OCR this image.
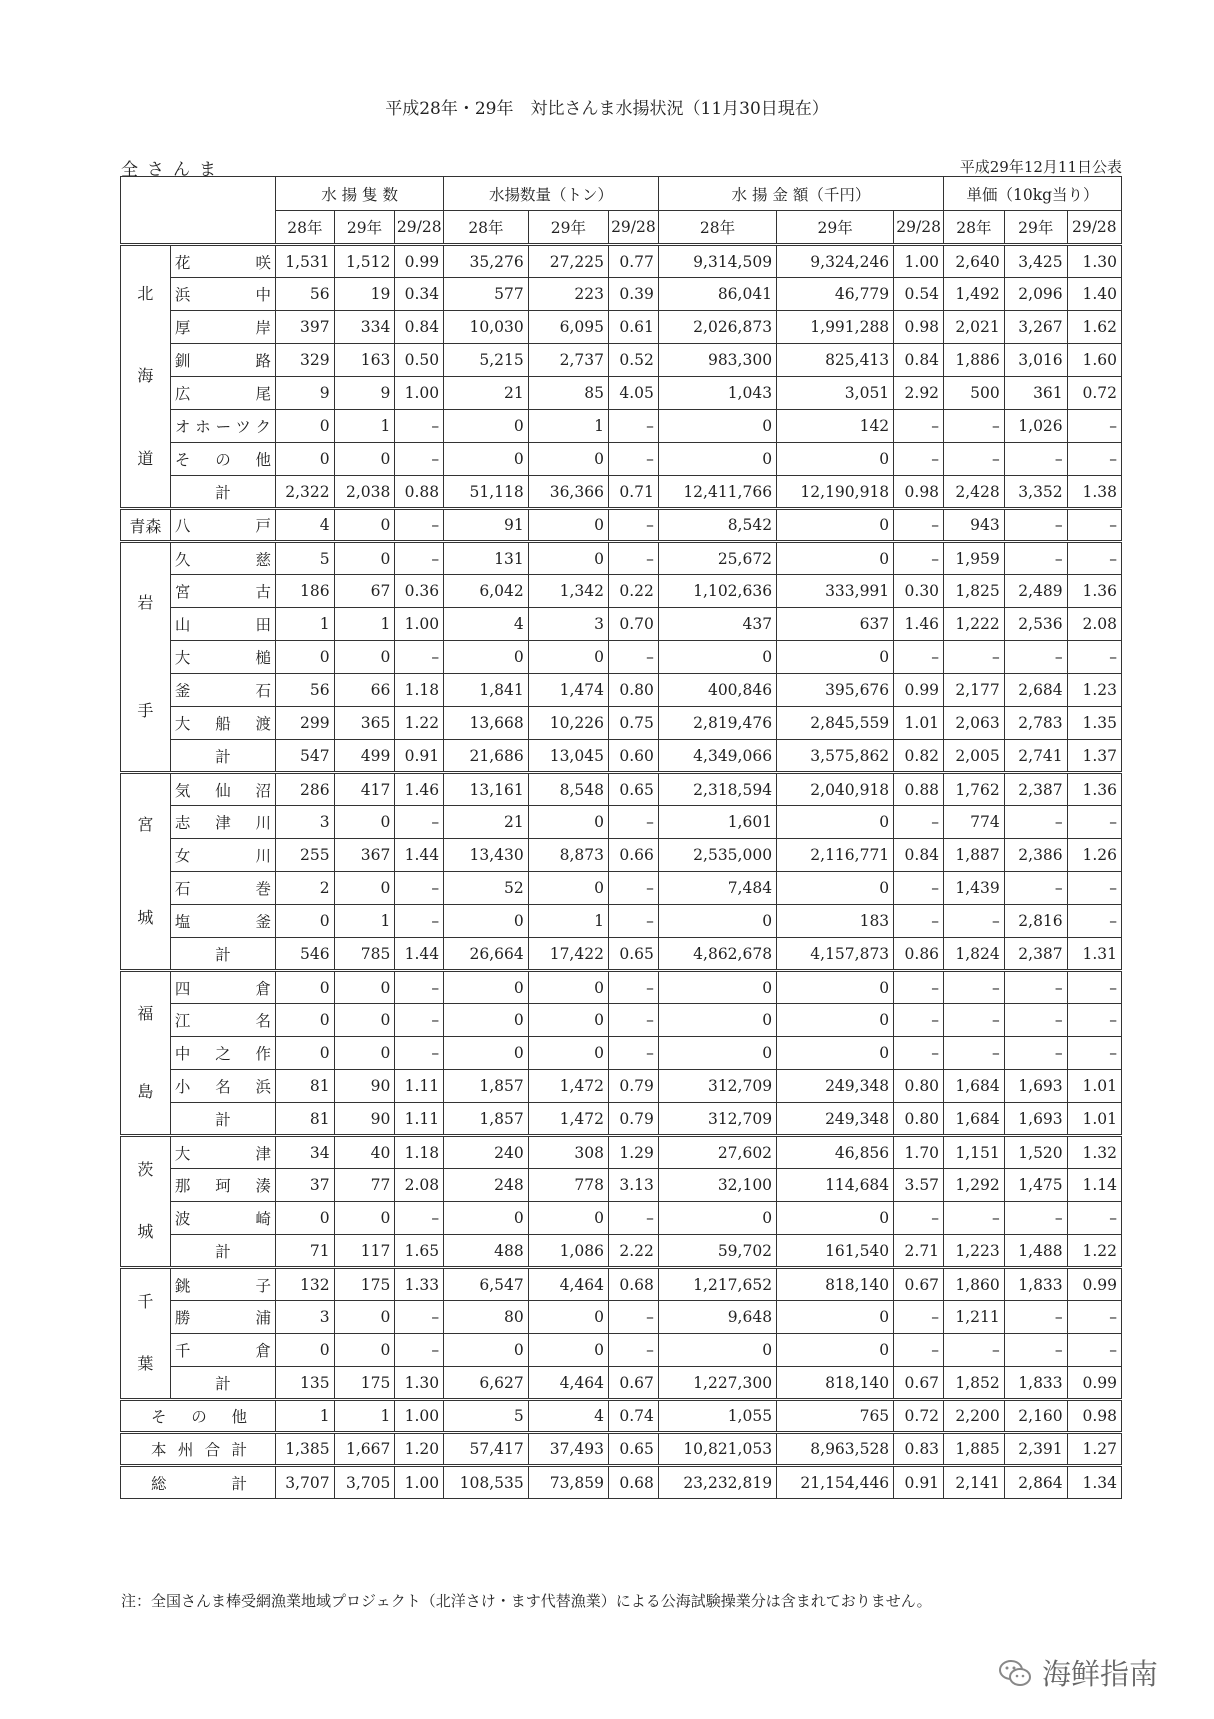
平成28年・29年　対比さんま水揚状況（11月30日現在）
全さんま	平成29年12月11日公表
		水 揚 隻 数			水揚数量（トン）			水 揚 金 額（千円）			単価（10kg当り）		
		28年	29年	29/28	28年	29年	29/28	28年	29年	29/28	28年	29年	29/28

北
海
道	花咲	1,531	1,512	0.99	35,276	27,225	0.77	9,314,509	9,324,246	1.00	2,640	3,425	1.30
	浜中	56	19	0.34	577	223	0.39	86,041	46,779	0.54	1,492	2,096	1.40
	厚岸	397	334	0.84	10,030	6,095	0.61	2,026,873	1,991,288	0.98	2,021	3,267	1.62
	釧路	329	163	0.50	5,215	2,737	0.52	983,300	825,413	0.84	1,886	3,016	1.60
	広尾	9	9	1.00	21	85	4.05	1,043	3,051	2.92	500	361	0.72
	オホーツク	0	1	–	0	1	–	0	142	–	–	1,026	–
	その他	0	0	–	0	0	–	0	0	–	–	–	–
	計	2,322	2,038	0.88	51,118	36,366	0.71	12,411,766	12,190,918	0.98	2,428	3,352	1.38
青森	八戸	4	0	–	91	0	–	8,542	0	–	943	–	–

岩
手	久慈	5	0	–	131	0	–	25,672	0	–	1,959	–	–
	宮古	186	67	0.36	6,042	1,342	0.22	1,102,636	333,991	0.30	1,825	2,489	1.36
	山田	1	1	1.00	4	3	0.70	437	637	1.46	1,222	2,536	2.08
	大槌	0	0	–	0	0	–	0	0	–	–	–	–
	釜石	56	66	1.18	1,841	1,474	0.80	400,846	395,676	0.99	2,177	2,684	1.23
	大船渡	299	365	1.22	13,668	10,226	0.75	2,819,476	2,845,559	1.01	2,063	2,783	1.35
	計	547	499	0.91	21,686	13,045	0.60	4,349,066	3,575,862	0.82	2,005	2,741	1.37

宮
城	気仙沼	286	417	1.46	13,161	8,548	0.65	2,318,594	2,040,918	0.88	1,762	2,387	1.36
	志津川	3	0	–	21	0	–	1,601	0	–	774	–	–
	女川	255	367	1.44	13,430	8,873	0.66	2,535,000	2,116,771	0.84	1,887	2,386	1.26
	石巻	2	0	–	52	0	–	7,484	0	–	1,439	–	–
	塩釜	0	1	–	0	1	–	0	183	–	–	2,816	–
	計	546	785	1.44	26,664	17,422	0.65	4,862,678	4,157,873	0.86	1,824	2,387	1.31

福
島	四倉	0	0	–	0	0	–	0	0	–	–	–	–
	江名	0	0	–	0	0	–	0	0	–	–	–	–
	中之作	0	0	–	0	0	–	0	0	–	–	–	–
	小名浜	81	90	1.11	1,857	1,472	0.79	312,709	249,348	0.80	1,684	1,693	1.01
	計	81	90	1.11	1,857	1,472	0.79	312,709	249,348	0.80	1,684	1,693	1.01

茨
城	大津	34	40	1.18	240	308	1.29	27,602	46,856	1.70	1,151	1,520	1.32
	那珂湊	37	77	2.08	248	778	3.13	32,100	114,684	3.57	1,292	1,475	1.14
	波崎	0	0	–	0	0	–	0	0	–	–	–	–
	計	71	117	1.65	488	1,086	2.22	59,702	161,540	2.71	1,223	1,488	1.22

千
葉	銚子	132	175	1.33	6,547	4,464	0.68	1,217,652	818,140	0.67	1,860	1,833	0.99
	勝浦	3	0	–	80	0	–	9,648	0	–	1,211	–	–
	千倉	0	0	–	0	0	–	0	0	–	–	–	–
	計	135	175	1.30	6,627	4,464	0.67	1,227,300	818,140	0.67	1,852	1,833	0.99
その他		1	1	1.00	5	4	0.74	1,055	765	0.72	2,200	2,160	0.98
本州合計		1,385	1,667	1.20	57,417	37,493	0.65	10,821,053	8,963,528	0.83	1,885	2,391	1.27
総　　計		3,707	3,705	1.00	108,535	73,859	0.68	23,232,819	21,154,446	0.91	2,141	2,864	1.34
注：全国さんま棒受網漁業地域プロジェクト（北洋さけ・ます代替漁業）による公海試験操業分は含まれておりません。
海鲜指南
